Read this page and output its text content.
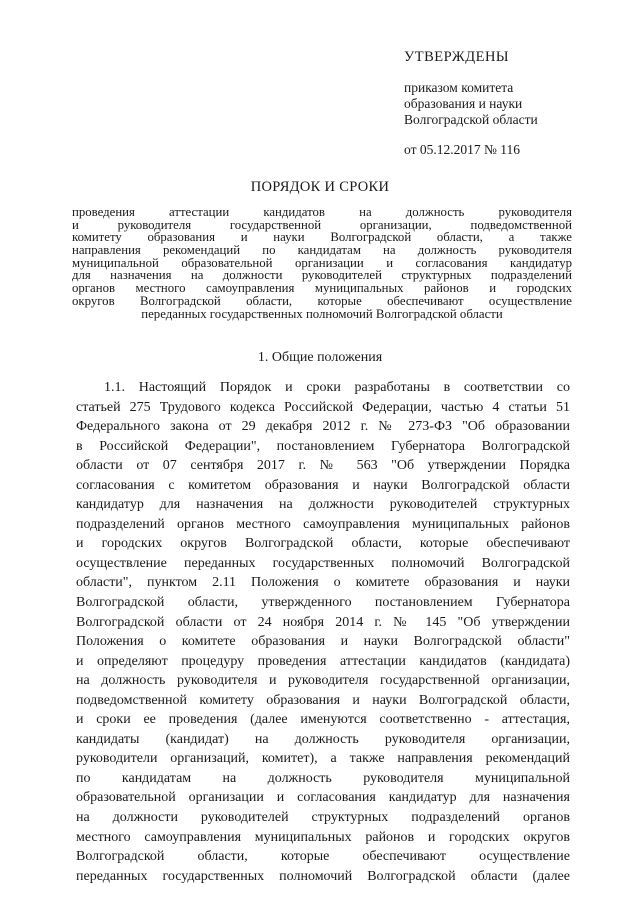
УТВЕРЖДЕНЫ
приказом комитета
образования и науки
Волгоградской области
от 05.12.2017 № 116
ПОРЯДОК И СРОКИ
проведения аттестации кандидатов на должность руководителя
и руководителя государственной организации, подведомственной
комитету образования и науки Волгоградской области, а также
направления рекомендаций по кандидатам на должность руководителя
муниципальной образовательной организации и согласования кандидатур
для назначения на должности руководителей структурных подразделений
органов местного самоуправления муниципальных районов и городских
округов Волгоградской области, которые обеспечивают осуществление
переданных государственных полномочий Волгоградской области
1. Общие положения
1.1. Настоящий Порядок и сроки разработаны в соответствии со
статьей 275 Трудового кодекса Российской Федерации, частью 4 статьи 51
Федерального закона от 29 декабря 2012 г. № 273-ФЗ "Об образовании
в Российской Федерации", постановлением Губернатора Волгоградской
области от 07 сентября 2017 г. № 563 "Об утверждении Порядка
согласования с комитетом образования и науки Волгоградской области
кандидатур для назначения на должности руководителей структурных
подразделений органов местного самоуправления муниципальных районов
и городских округов Волгоградской области, которые обеспечивают
осуществление переданных государственных полномочий Волгоградской
области", пунктом 2.11 Положения о комитете образования и науки
Волгоградской области, утвержденного постановлением Губернатора
Волгоградской области от 24 ноября 2014 г. № 145 "Об утверждении
Положения о комитете образования и науки Волгоградской области"
и определяют процедуру проведения аттестации кандидатов (кандидата)
на должность руководителя и руководителя государственной организации,
подведомственной комитету образования и науки Волгоградской области,
и сроки ее проведения (далее именуются соответственно - аттестация,
кандидаты (кандидат) на должность руководителя организации,
руководители организаций, комитет), а также направления рекомендаций
по кандидатам на должность руководителя муниципальной
образовательной организации и согласования кандидатур для назначения
на должности руководителей структурных подразделений органов
местного самоуправления муниципальных районов и городских округов
Волгоградской области, которые обеспечивают осуществление
переданных государственных полномочий Волгоградской области (далее
